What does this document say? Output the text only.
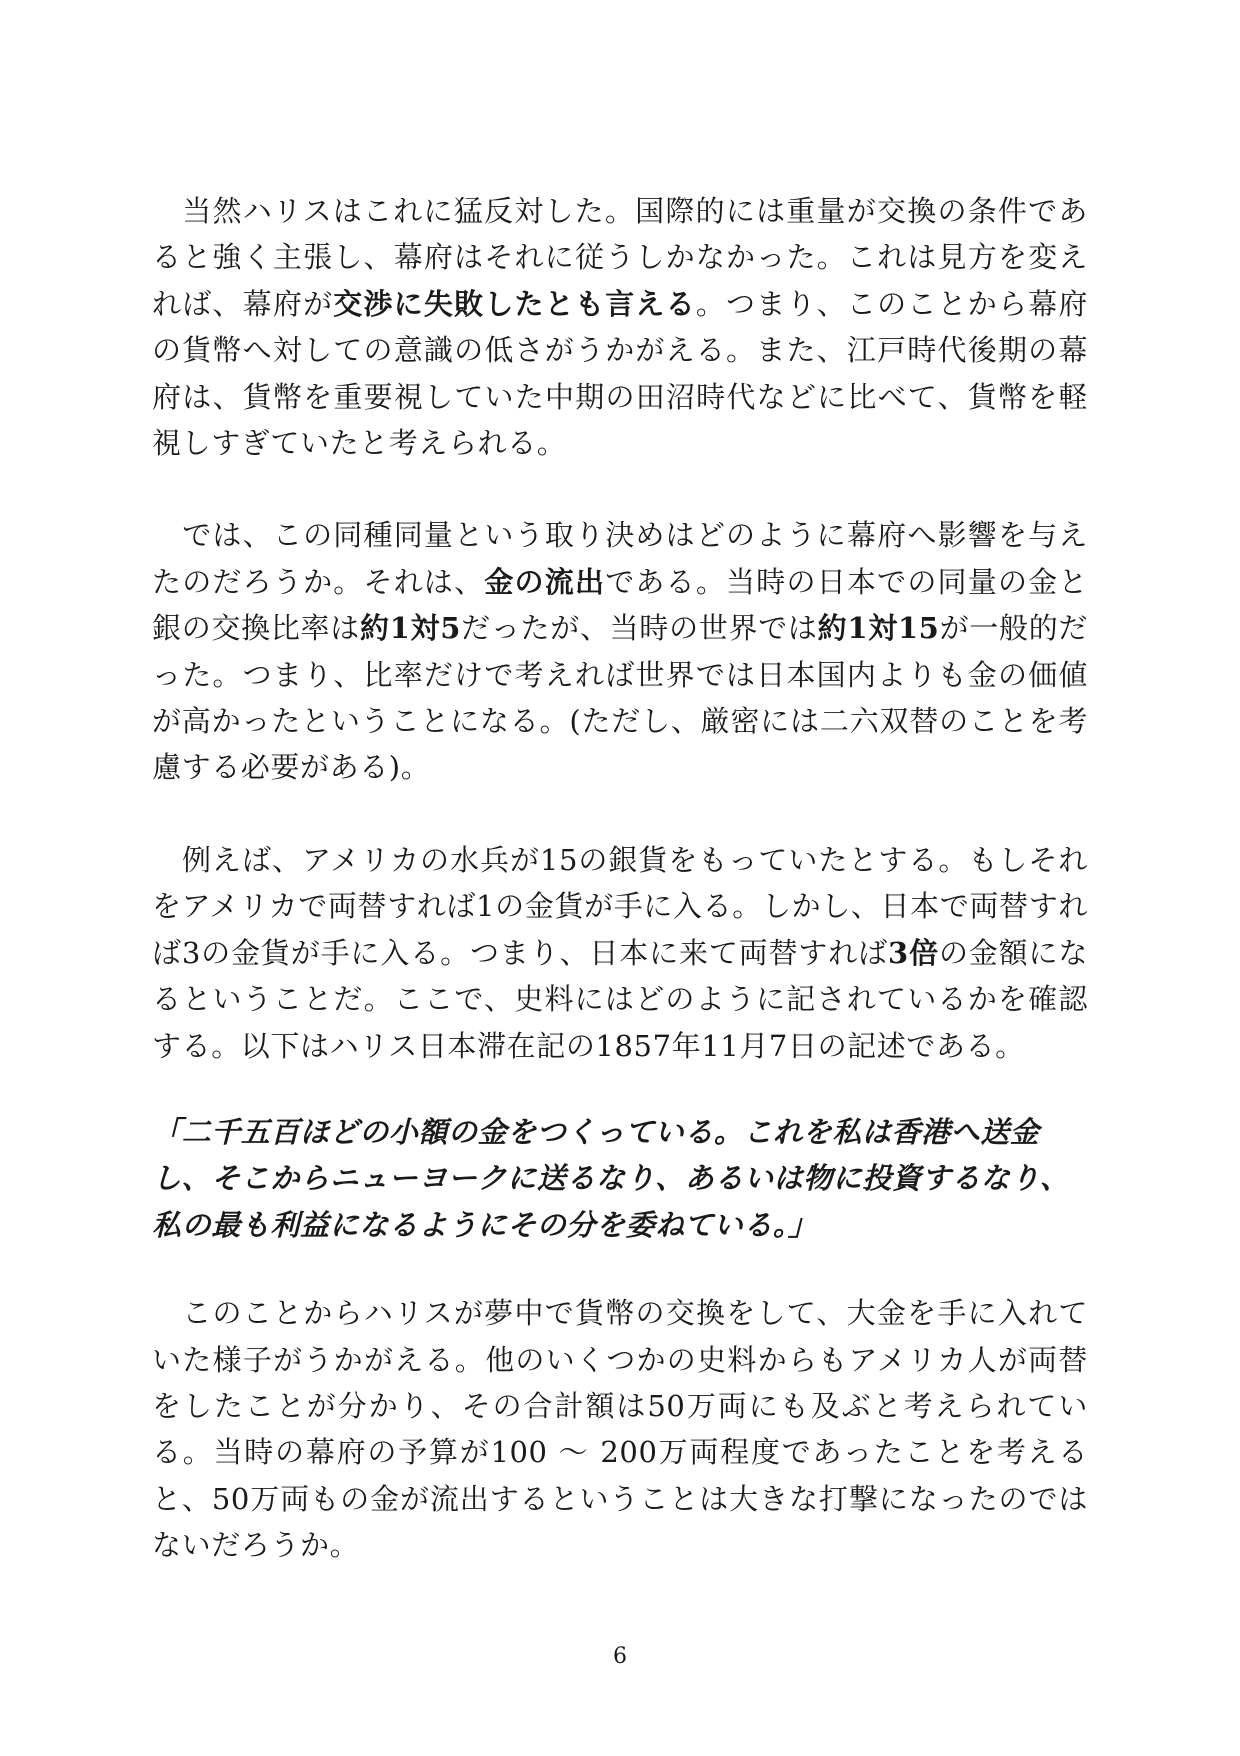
　当然ハリスはこれに猛反対した。国際的には重量が交換の条件であると強く主張し、幕府はそれに従うしかなかった。これは見方を変えれば、幕府が交渉に失敗したとも言える。つまり、このことから幕府の貨幣へ対しての意識の低さがうかがえる。また、江戸時代後期の幕府は、貨幣を重要視していた中期の田沼時代などに比べて、貨幣を軽視しすぎていたと考えられる。

　では、この同種同量という取り決めはどのように幕府へ影響を与えたのだろうか。それは、金の流出である。当時の日本での同量の金と銀の交換比率は約1対5だったが、当時の世界では約1対15が一般的だった。つまり、比率だけで考えれば世界では日本国内よりも金の価値が高かったということになる。(ただし、厳密には二六双替のことを考慮する必要がある)。

　例えば、アメリカの水兵が15の銀貨をもっていたとする。もしそれをアメリカで両替すれば1の金貨が手に入る。しかし、日本で両替すれば3の金貨が手に入る。つまり、日本に来て両替すれば3倍の金額になるということだ。ここで、史料にはどのように記されているかを確認する。以下はハリス日本滞在記の1857年11月7日の記述である。

「二千五百ほどの小額の金をつくっている。これを私は香港へ送金し、そこからニューヨークに送るなり、あるいは物に投資するなり、私の最も利益になるようにその分を委ねている。」

　このことからハリスが夢中で貨幣の交換をして、大金を手に入れていた様子がうかがえる。他のいくつかの史料からもアメリカ人が両替をしたことが分かり、その合計額は50万両にも及ぶと考えられている。当時の幕府の予算が100 ～ 200万両程度であったことを考えると、50万両もの金が流出するということは大きな打撃になったのではないだろうか。

6
